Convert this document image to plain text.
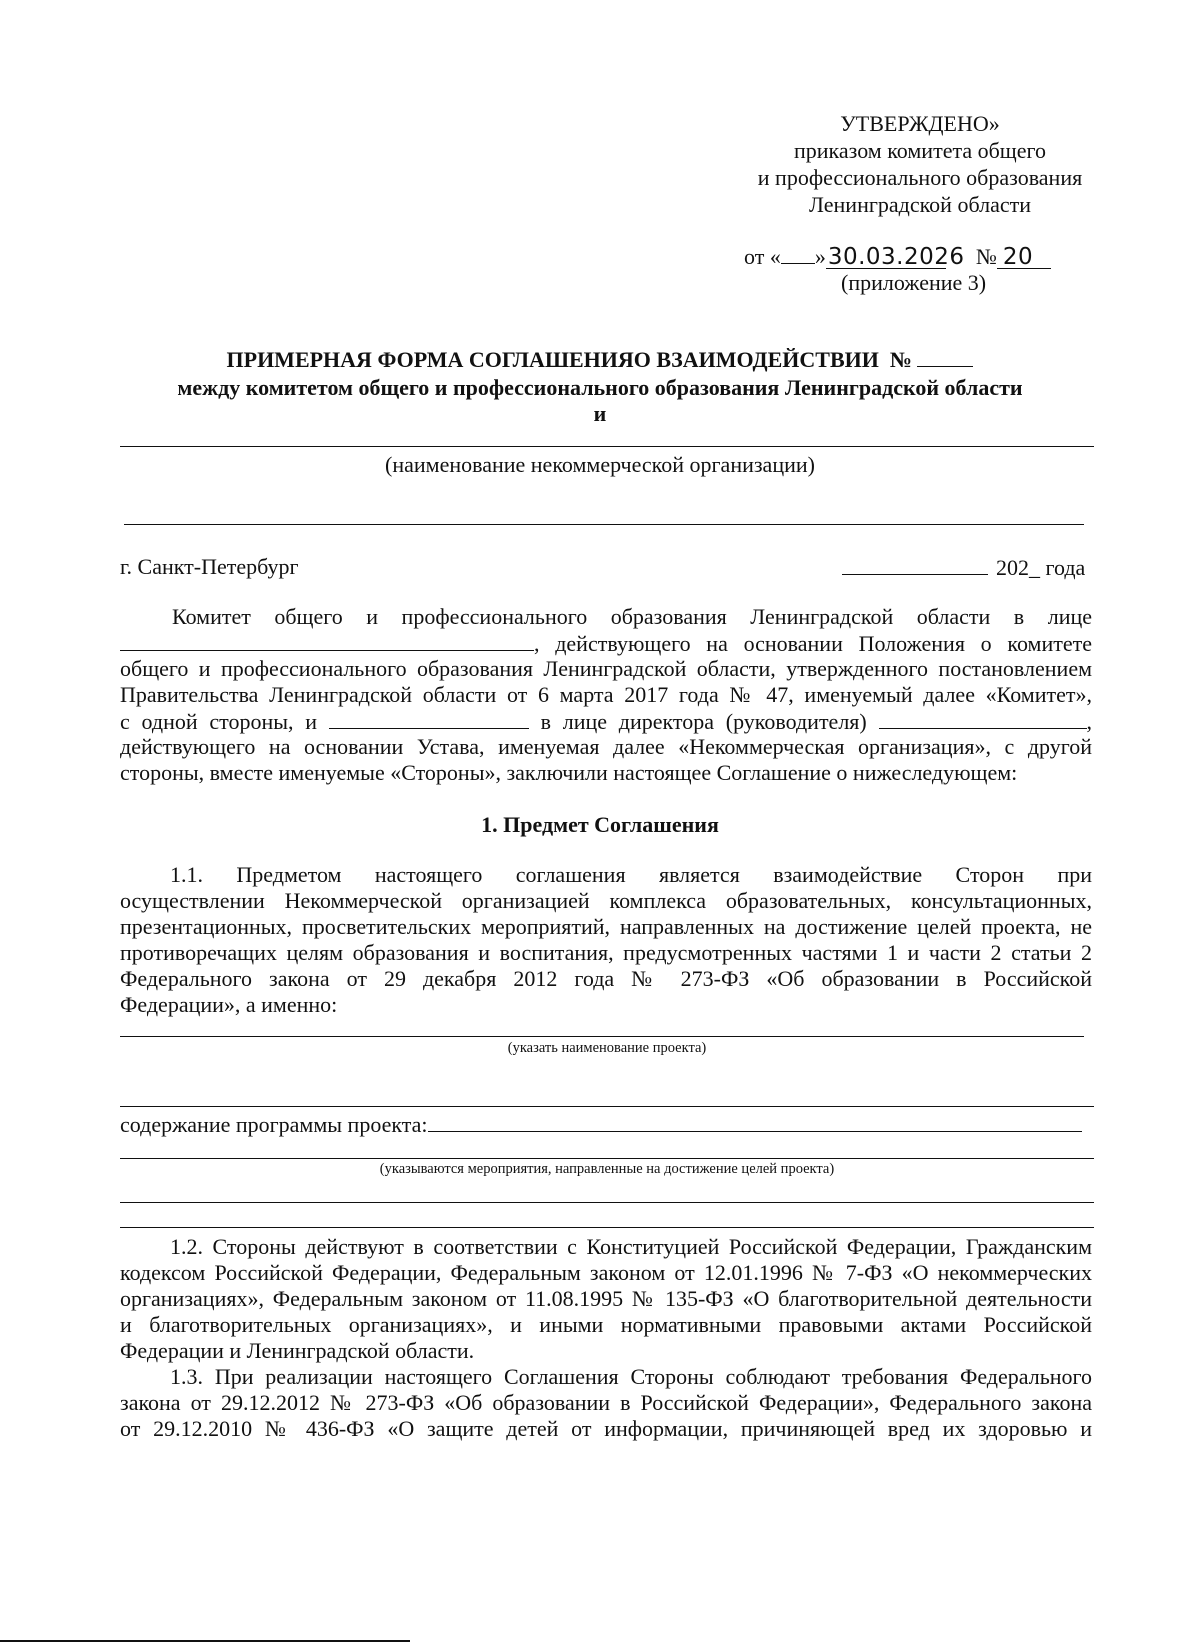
УТВЕРЖДЕНО»
приказом комитета общего
и профессионального образования
Ленинградской области
от « »30.03.2026 № 20
(приложение 3)
ПРИМЕРНАЯ ФОРМА СОГЛАШЕНИЯО ВЗАИМОДЕЙСТВИИ №
между комитетом общего и профессионального образования Ленинградской области
и
(наименование некоммерческой организации)
г. Санкт-Петербург	202_ года
Комитет общего и профессионального образования Ленинградской области в лице
, действующего на основании Положения о комитете
общего и профессионального образования Ленинградской области, утвержденного постановлением
Правительства Ленинградской области от 6 марта 2017 года № 47, именуемый далее «Комитет»,
с одной стороны, и	в лице директора (руководителя)	,
действующего на основании Устава, именуемая далее «Некоммерческая организация», с другой
стороны, вместе именуемые «Стороны», заключили настоящее Соглашение о нижеследующем:
1. Предмет Соглашения
1.1. Предметом настоящего соглашения является взаимодействие Сторон при
осуществлении Некоммерческой организацией комплекса образовательных, консультационных,
презентационных, просветительских мероприятий, направленных на достижение целей проекта, не
противоречащих целям образования и воспитания, предусмотренных частями 1 и части 2 статьи 2
Федерального закона от 29 декабря 2012 года № 273-ФЗ «Об образовании в Российской
Федерации», а именно:
(указать наименование проекта)
содержание программы проекта:
(указываются мероприятия, направленные на достижение целей проекта)
1.2. Стороны действуют в соответствии с Конституцией Российской Федерации, Гражданским
кодексом Российской Федерации, Федеральным законом от 12.01.1996 № 7-ФЗ «О некоммерческих
организациях», Федеральным законом от 11.08.1995 № 135-ФЗ «О благотворительной деятельности
и благотворительных организациях», и иными нормативными правовыми актами Российской
Федерации и Ленинградской области.
1.3. При реализации настоящего Соглашения Стороны соблюдают требования Федерального
закона от 29.12.2012 № 273-ФЗ «Об образовании в Российской Федерации», Федерального закона
от 29.12.2010 № 436-ФЗ «О защите детей от информации, причиняющей вред их здоровью и
